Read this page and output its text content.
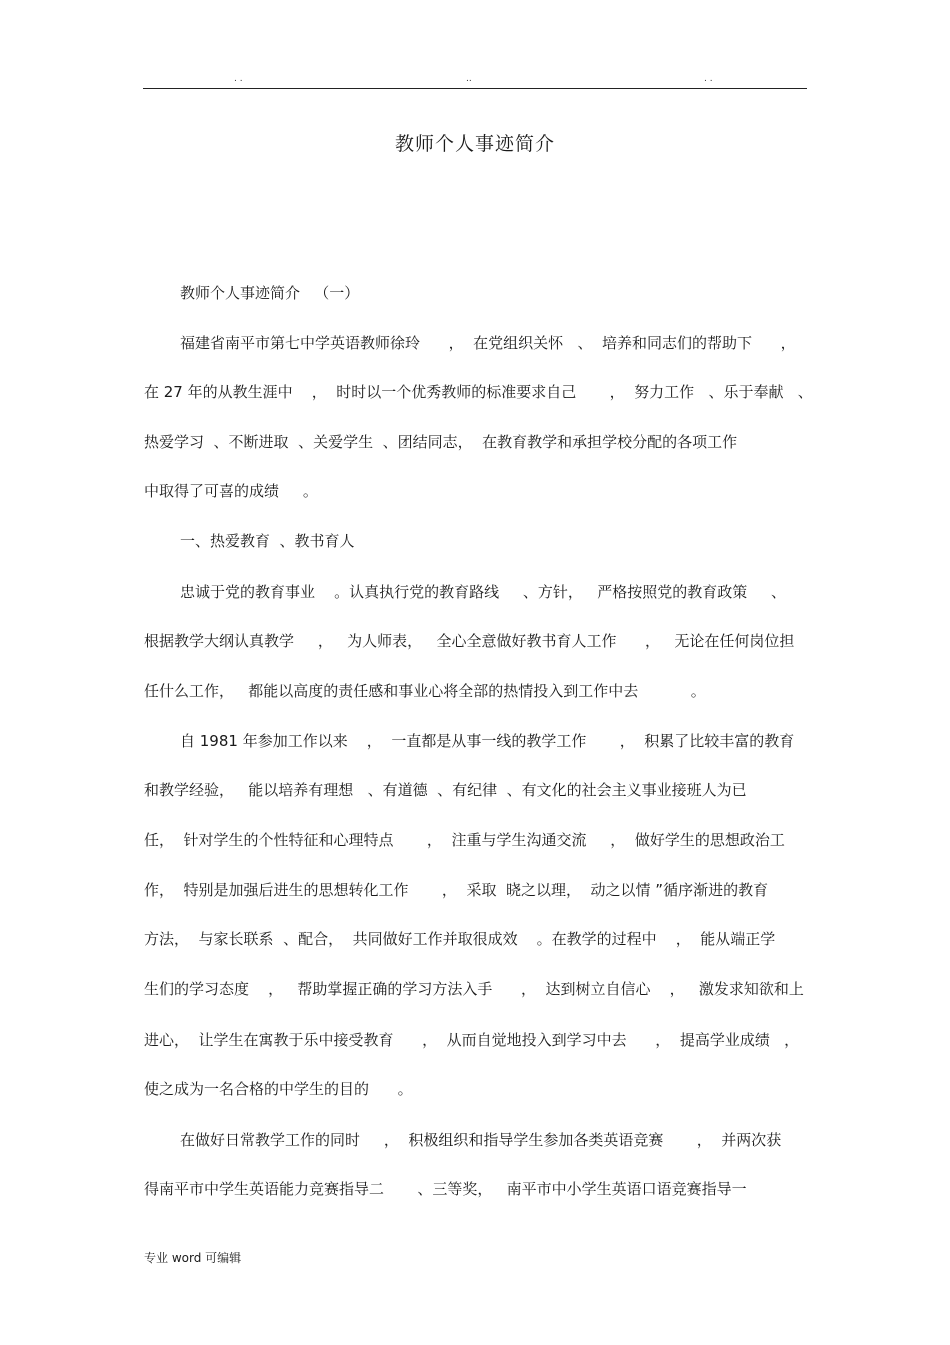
. .	..	. .
教师个人事迹简介
教师个人事迹简介   （一）
福建省南平市第七中学英语教师徐玲      ，  在党组织关怀   、  培养和同志们的帮助下      ，
在 27 年的从教生涯中    ，  时时以一个优秀教师的标准要求自己       ，  努力工作   、乐于奉献   、
热爱学习  、不断进取  、关爱学生  、团结同志，  在教育教学和承担学校分配的各项工作
中取得了可喜的成绩     。
一、热爱教育  、教书育人
忠诚于党的教育事业    。认真执行党的教育路线     、方针，   严格按照党的教育政策     、
根据教学大纲认真教学     ，   为人师表，   全心全意做好教书育人工作      ，   无论在任何岗位担
任什么工作，   都能以高度的责任感和事业心将全部的热情投入到工作中去           。
自 1981 年参加工作以来    ，  一直都是从事一线的教学工作       ，  积累了比较丰富的教育
和教学经验，   能以培养有理想   、有道德  、有纪律  、有文化的社会主义事业接班人为已
任，  针对学生的个性特征和心理特点       ，  注重与学生沟通交流     ，  做好学生的思想政治工
作，  特别是加强后进生的思想转化工作       ，  采取  晓之以理，  动之以情 ”循序渐进的教育
方法，  与家长联系  、配合，  共同做好工作并取很成效    。在教学的过程中    ，  能从端正学
生们的学习态度    ，   帮助掌握正确的学习方法入手      ，  达到树立自信心    ，   激发求知欲和上
进心，  让学生在寓教于乐中接受教育      ，  从而自觉地投入到学习中去      ，  提高学业成绩   ，
使之成为一名合格的中学生的目的      。
在做好日常教学工作的同时     ，  积极组织和指导学生参加各类英语竞赛       ，  并两次获
得南平市中学生英语能力竞赛指导二       、三等奖，   南平市中小学生英语口语竞赛指导一
专业 word 可编辑
